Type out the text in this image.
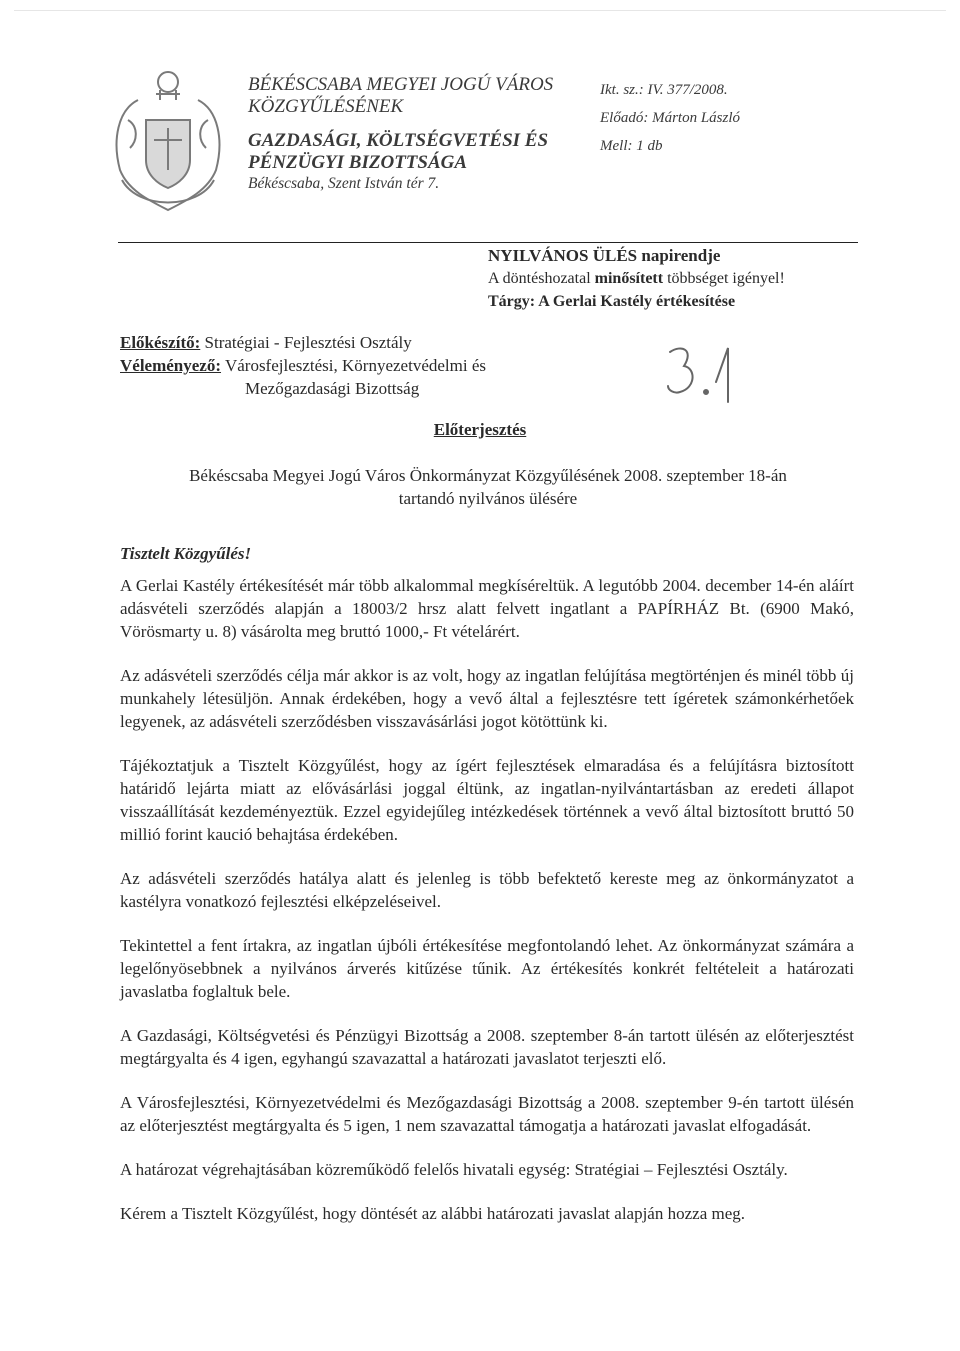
BÉKÉSCSABA MEGYEI JOGÚ VÁROS
KÖZGYŰLÉSÉNEK
GAZDASÁGI, KÖLTSÉGVETÉSI ÉS
PÉNZÜGYI BIZOTTSÁGA
Békéscsaba, Szent István tér 7.
Ikt. sz.: IV. 377/2008.
Előadó: Márton László
Mell: 1 db
NYILVÁNOS ÜLÉS napirendje
A döntéshozatal minősített többséget igényel!
Tárgy: A Gerlai Kastély értékesítése
Előkészítő: Stratégiai - Fejlesztési Osztály
Véleményező: Városfejlesztési, Környezetvédelmi és
Mezőgazdasági Bizottság
Előterjesztés
Békéscsaba Megyei Jogú Város Önkormányzat Közgyűlésének 2008. szeptember 18-án
tartandó nyilvános ülésére
Tisztelt Közgyűlés!

A Gerlai Kastély értékesítését már több alkalommal megkíséreltük. A legutóbb 2004. december 14-én aláírt adásvételi szerződés alapján a 18003/2 hrsz alatt felvett ingatlant a PAPÍRHÁZ Bt. (6900 Makó, Vörösmarty u. 8) vásárolta meg bruttó 1000,- Ft vételárért.

Az adásvételi szerződés célja már akkor is az volt, hogy az ingatlan felújítása megtörténjen és minél több új munkahely létesüljön. Annak érdekében, hogy a vevő által a fejlesztésre tett ígéretek számonkérhetőek legyenek, az adásvételi szerződésben visszavásárlási jogot kötöttünk ki.

Tájékoztatjuk a Tisztelt Közgyűlést, hogy az ígért fejlesztések elmaradása és a felújításra biztosított határidő lejárta miatt az elővásárlási joggal éltünk, az ingatlan-nyilvántartásban az eredeti állapot visszaállítását kezdeményeztük. Ezzel egyidejűleg intézkedések történnek a vevő által biztosított bruttó 50 millió forint kaució behajtása érdekében.

Az adásvételi szerződés hatálya alatt és jelenleg is több befektető kereste meg az önkormányzatot a kastélyra vonatkozó fejlesztési elképzeléseivel.

Tekintettel a fent írtakra, az ingatlan újbóli értékesítése megfontolandó lehet. Az önkormányzat számára a legelőnyösebbnek a nyilvános árverés kitűzése tűnik. Az értékesítés konkrét feltételeit a határozati javaslatba foglaltuk bele.

A Gazdasági, Költségvetési és Pénzügyi Bizottság a 2008. szeptember 8-án tartott ülésén az előterjesztést megtárgyalta és 4 igen, egyhangú szavazattal a határozati javaslatot terjeszti elő.

A Városfejlesztési, Környezetvédelmi és Mezőgazdasági Bizottság a 2008. szeptember 9-én tartott ülésén az előterjesztést megtárgyalta és 5 igen, 1 nem szavazattal támogatja a határozati javaslat elfogadását.

A határozat végrehajtásában közreműködő felelős hivatali egység: Stratégiai – Fejlesztési Osztály.

Kérem a Tisztelt Közgyűlést, hogy döntését az alábbi határozati javaslat alapján hozza meg.
